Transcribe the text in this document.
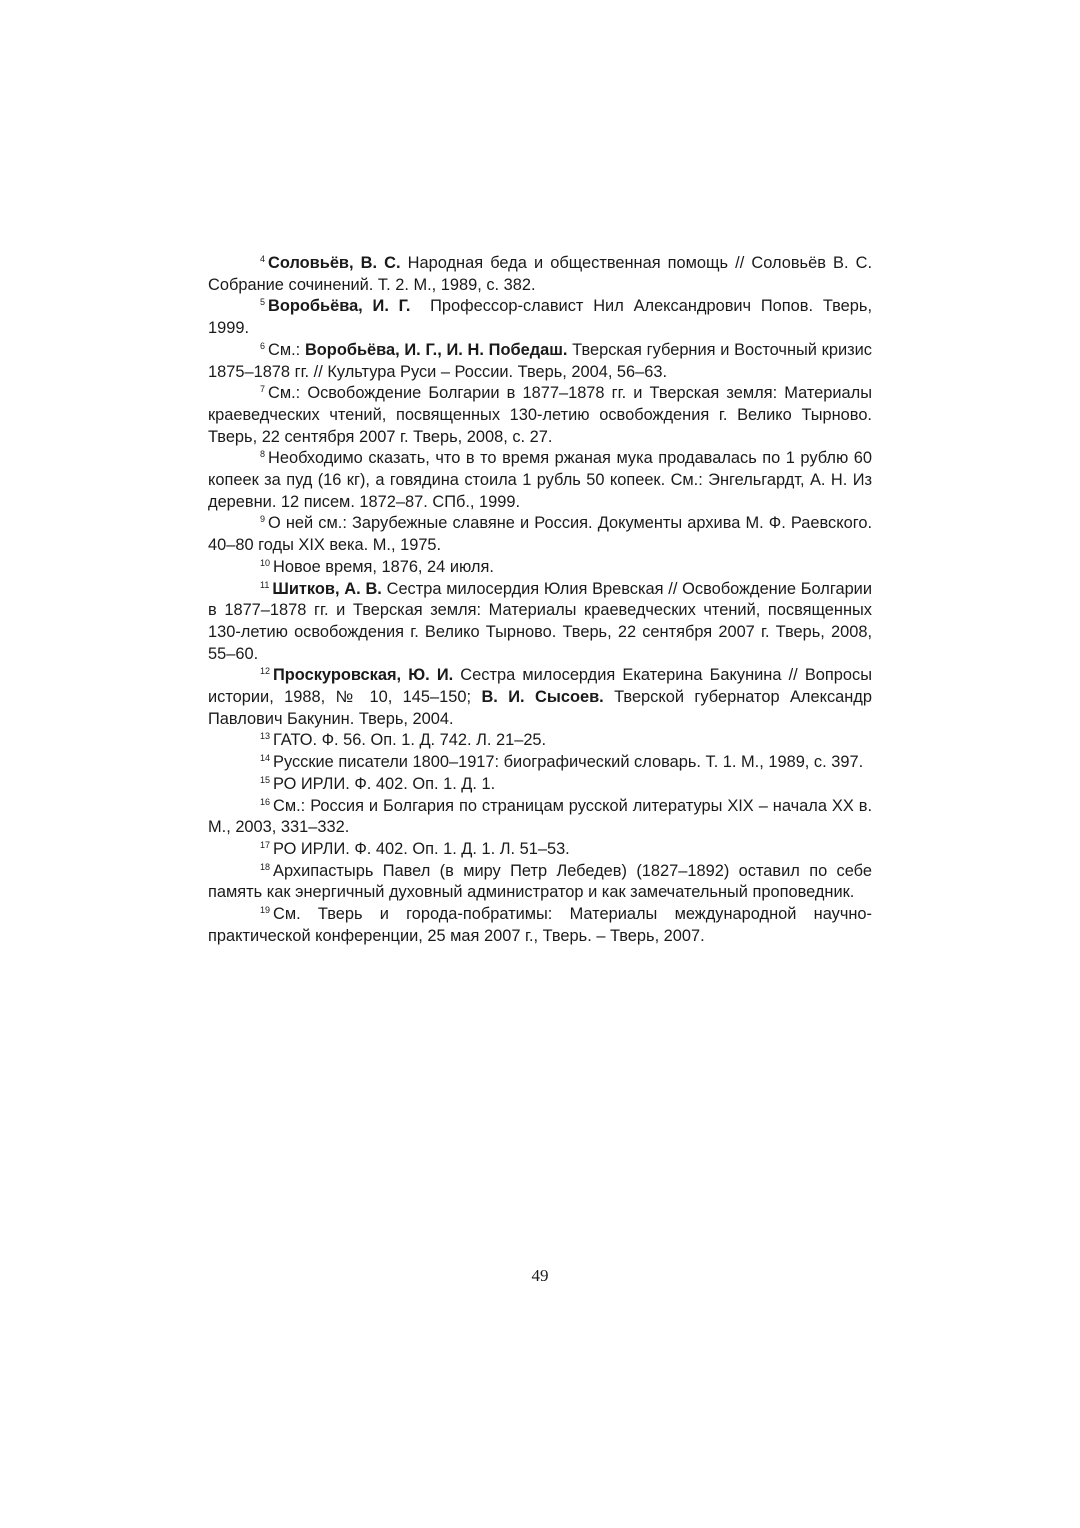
$^4$ Соловьёв, В. С. Народная беда и общественная помощь // Соловьёв В. С. Собрание сочинений. Т. 2. М., 1989, с. 382.

$^5$ Воробьёва, И. Г.  Профессор-славист Нил Александрович Попов. Тверь, 1999.

$^6$ См.: Воробьёва, И. Г., И. Н. Победаш. Тверская губерния и Восточный кризис 1875–1878 гг. // Культура Руси – России. Тверь, 2004, 56–63.

$^7$ См.: Освобождение Болгарии в 1877–1878 гг. и Тверская земля: Материалы краеведческих чтений, посвященных 130-летию освобождения г. Велико Тырново. Тверь, 22 сентября 2007 г. Тверь, 2008, с. 27.

$^8$ Необходимо сказать, что в то время ржаная мука продавалась по 1 рублю 60 копеек за пуд (16 кг), а говядина стоила 1 рубль 50 копеек. См.: Энгельгардт, А. Н. Из деревни. 12 писем. 1872–87. СПб., 1999.

$^9$ О ней см.: Зарубежные славяне и Россия. Документы архива М. Ф. Раевского. 40–80 годы XIX века. М., 1975.

$^{10}$ Новое время, 1876, 24 июля.

$^{11}$ Шитков, А. В. Сестра милосердия Юлия Вревская // Освобождение Болгарии в 1877–1878 гг. и Тверская земля: Материалы краеведческих чтений, посвященных 130-летию освобождения г. Велико Тырново. Тверь, 22 сентября 2007 г. Тверь, 2008, 55–60.

$^{12}$ Проскуровская, Ю. И. Сестра милосердия Екатерина Бакунина // Вопросы истории, 1988, № 10, 145–150; В. И. Сысоев. Тверской губернатор Александр Павлович Бакунин. Тверь, 2004.

$^{13}$ ГАТО. Ф. 56. Оп. 1. Д. 742. Л. 21–25.

$^{14}$ Русские писатели 1800–1917: биографический словарь. Т. 1. М., 1989, с. 397.

$^{15}$ РО ИРЛИ. Ф. 402. Оп. 1. Д. 1.

$^{16}$ См.: Россия и Болгария по страницам русской литературы XIX – начала XX в. М., 2003, 331–332.

$^{17}$ РО ИРЛИ. Ф. 402. Оп. 1. Д. 1. Л. 51–53.

$^{18}$ Архипастырь Павел (в миру Петр Лебедев) (1827–1892) оставил по себе память как энергичный духовный администратор и как замечательный проповедник.

$^{19}$ См. Тверь и города-побратимы: Материалы международной научно-практической конференции, 25 мая 2007 г., Тверь. – Тверь, 2007.

49
